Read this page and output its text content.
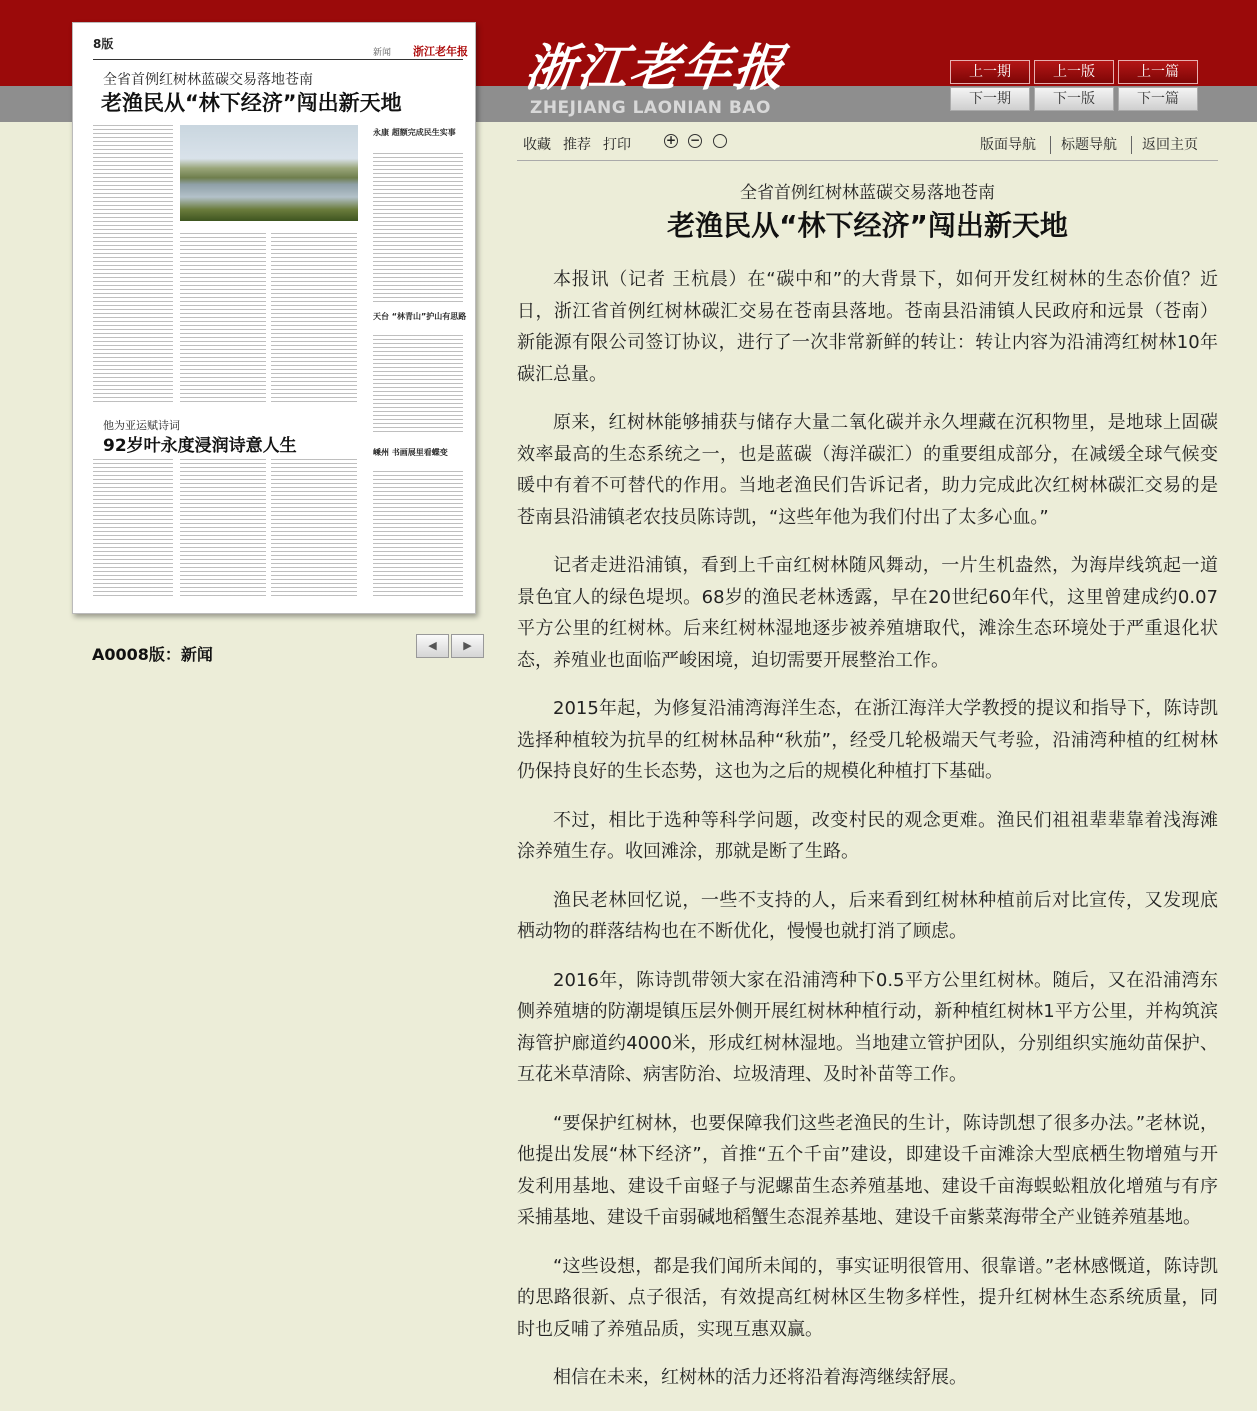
浙江老年报
ZHEJIANG LAONIAN BAO
上一期	上一版	上一篇
下一期	下一版	下一篇
8版
新闻 浙江老年报
全省首例红树林蓝碳交易落地苍南
老渔民从“林下经济”闯出新天地
永康 超额完成民生实事
天台 “林青山”护山有思路
他为亚运赋诗词
92岁叶永度浸润诗意人生	嵊州 书画展里看蝶变
A0008版：新闻	◀	▶
收藏 推荐 打印	+ −	版面导航 标题导航 返回主页
全省首例红树林蓝碳交易落地苍南
老渔民从“林下经济”闯出新天地

本报讯（记者 王杭晨）在“碳中和”的大背景下，如何开发红树林的生态价值？近日，浙江省首例红树林碳汇交易在苍南县落地。苍南县沿浦镇人民政府和远景（苍南）新能源有限公司签订协议，进行了一次非常新鲜的转让：转让内容为沿浦湾红树林10年碳汇总量。

原来，红树林能够捕获与储存大量二氧化碳并永久埋藏在沉积物里，是地球上固碳效率最高的生态系统之一，也是蓝碳（海洋碳汇）的重要组成部分，在减缓全球气候变暖中有着不可替代的作用。当地老渔民们告诉记者，助力完成此次红树林碳汇交易的是苍南县沿浦镇老农技员陈诗凯，“这些年他为我们付出了太多心血。”

记者走进沿浦镇，看到上千亩红树林随风舞动，一片生机盎然，为海岸线筑起一道景色宜人的绿色堤坝。68岁的渔民老林透露，早在20世纪60年代，这里曾建成约0.07平方公里的红树林。后来红树林湿地逐步被养殖塘取代，滩涂生态环境处于严重退化状态，养殖业也面临严峻困境，迫切需要开展整治工作。

2015年起，为修复沿浦湾海洋生态，在浙江海洋大学教授的提议和指导下，陈诗凯选择种植较为抗旱的红树林品种“秋茄”，经受几轮极端天气考验，沿浦湾种植的红树林仍保持良好的生长态势，这也为之后的规模化种植打下基础。

不过，相比于选种等科学问题，改变村民的观念更难。渔民们祖祖辈辈靠着浅海滩涂养殖生存。收回滩涂，那就是断了生路。

渔民老林回忆说，一些不支持的人，后来看到红树林种植前后对比宣传，又发现底栖动物的群落结构也在不断优化，慢慢也就打消了顾虑。

2016年，陈诗凯带领大家在沿浦湾种下0.5平方公里红树林。随后，又在沿浦湾东侧养殖塘的防潮堤镇压层外侧开展红树林种植行动，新种植红树林1平方公里，并构筑滨海管护廊道约4000米，形成红树林湿地。当地建立管护团队，分别组织实施幼苗保护、互花米草清除、病害防治、垃圾清理、及时补苗等工作。

“要保护红树林，也要保障我们这些老渔民的生计，陈诗凯想了很多办法。”老林说，他提出发展“林下经济”，首推“五个千亩”建设，即建设千亩滩涂大型底栖生物增殖与开发利用基地、建设千亩蛏子与泥螺苗生态养殖基地、建设千亩海蜈蚣粗放化增殖与有序采捕基地、建设千亩弱碱地稻蟹生态混养基地、建设千亩紫菜海带全产业链养殖基地。

“这些设想，都是我们闻所未闻的，事实证明很管用、很靠谱。”老林感慨道，陈诗凯的思路很新、点子很活，有效提高红树林区生物多样性，提升红树林生态系统质量，同时也反哺了养殖品质，实现互惠双赢。

相信在未来，红树林的活力还将沿着海湾继续舒展。
